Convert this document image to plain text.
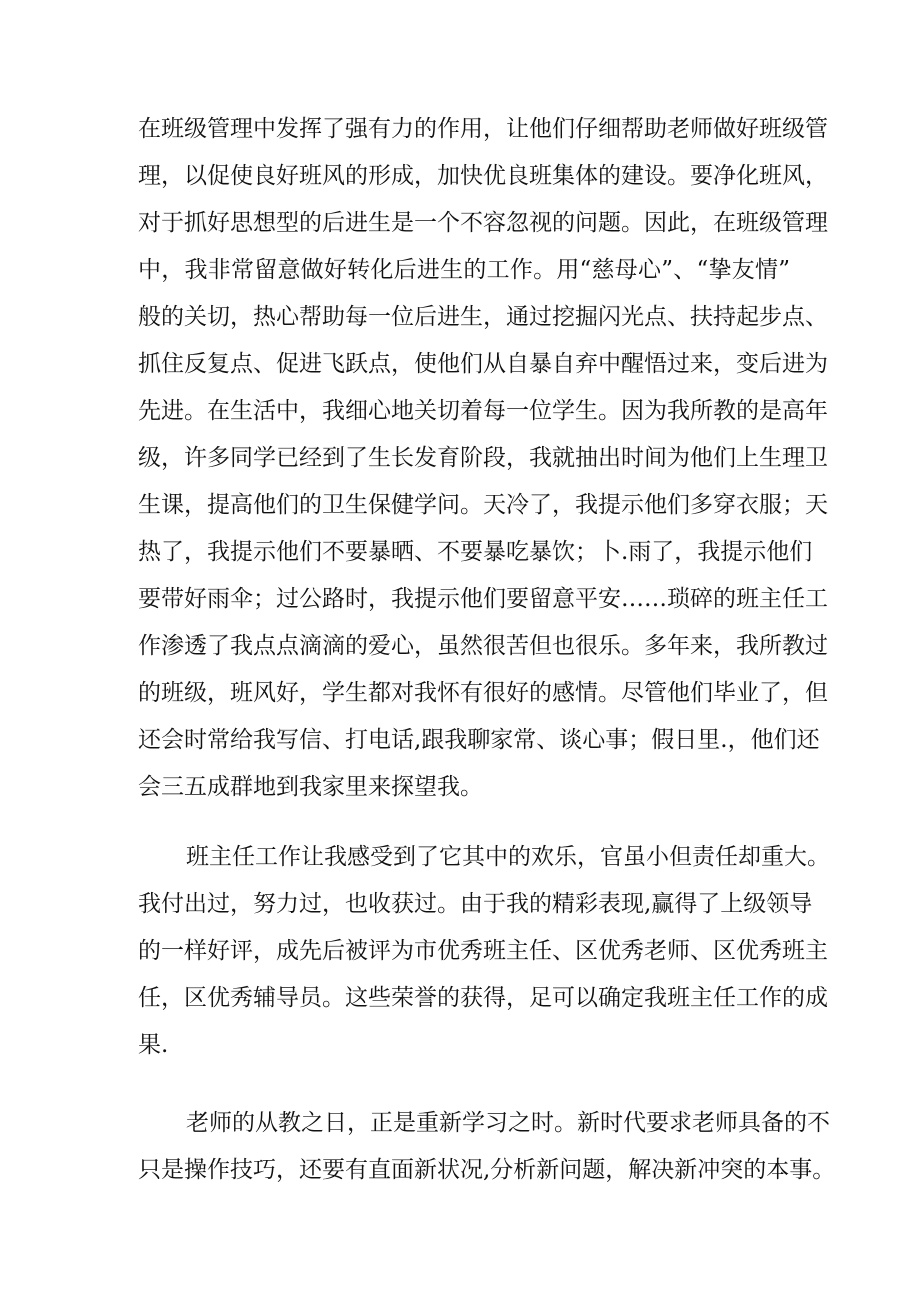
在班级管理中发挥了强有力的作用，让他们仔细帮助老师做好班级管
理，以促使良好班风的形成，加快优良班集体的建设。要净化班风，
对于抓好思想型的后进生是一个不容忽视的问题。因此，在班级管理
中，我非常留意做好转化后进生的工作。用“慈母心”、“挚友情”
般的关切，热心帮助每一位后进生，通过挖掘闪光点、扶持起步点、
抓住反复点、促进飞跃点，使他们从自暴自弃中醒悟过来，变后进为
先进。在生活中，我细心地关切着每一位学生。因为我所教的是高年
级，许多同学已经到了生长发育阶段，我就抽出时间为他们上生理卫
生课，提高他们的卫生保健学问。天冷了，我提示他们多穿衣服；天
热了，我提示他们不要暴晒、不要暴吃暴饮；卜.雨了，我提示他们
要带好雨伞；过公路时，我提示他们要留意平安……琐碎的班主任工
作渗透了我点点滴滴的爱心，虽然很苦但也很乐。多年来，我所教过
的班级，班风好，学生都对我怀有很好的感情。尽管他们毕业了，但
还会时常给我写信、打电话,跟我聊家常、谈心事；假日里.，他们还
会三五成群地到我家里来探望我。
班主任工作让我感受到了它其中的欢乐，官虽小但责任却重大。
我付出过，努力过，也收获过。由于我的精彩表现,赢得了上级领导
的一样好评，成先后被评为市优秀班主任、区优秀老师、区优秀班主
任，区优秀辅导员。这些荣誉的获得，足可以确定我班主任工作的成
果.
老师的从教之日，正是重新学习之时。新时代要求老师具备的不
只是操作技巧，还要有直面新状况,分析新问题，解决新冲突的本事。
